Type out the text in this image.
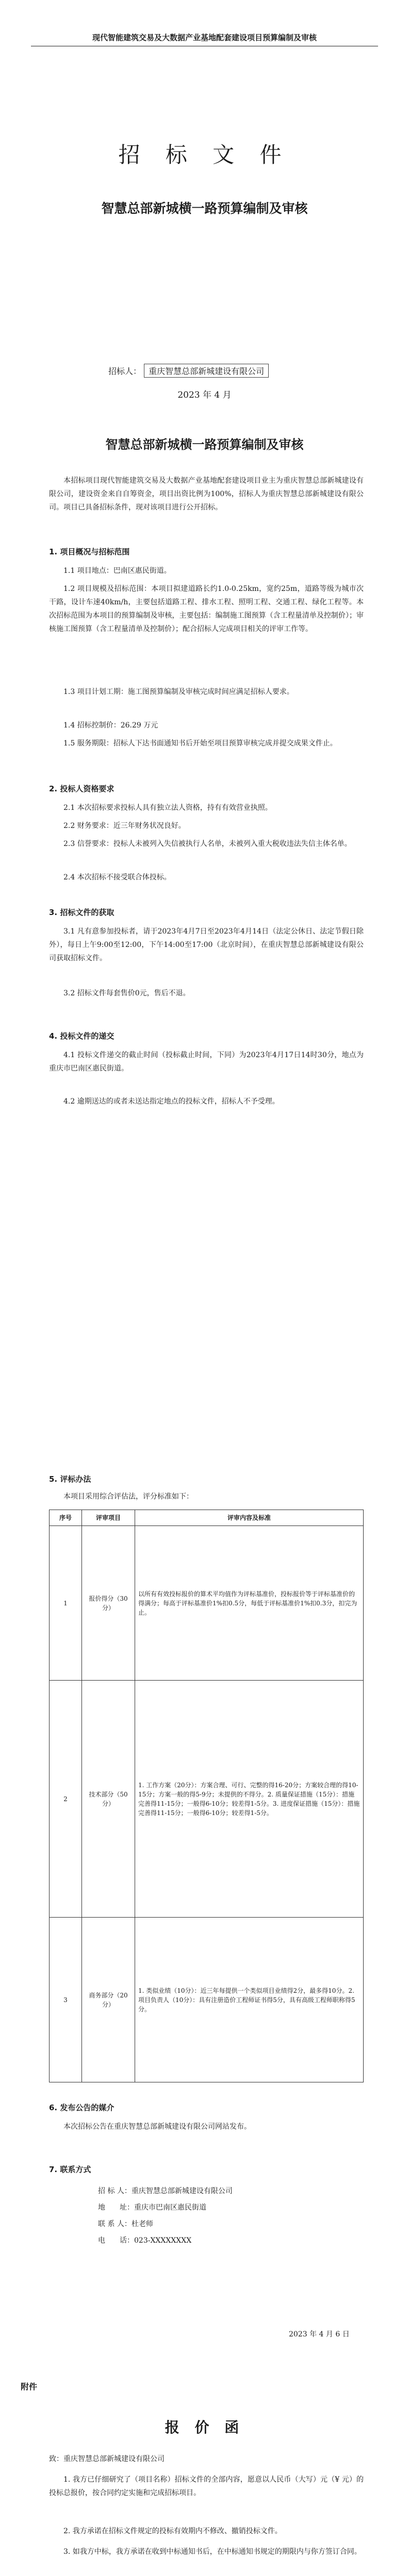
现代智能建筑交易及大数据产业基地配套建设项目预算编制及审核
招 标 文 件
智慧总部新城横一路预算编制及审核
招标人： 重庆智慧总部新城建设有限公司
2023 年 4 月
智慧总部新城横一路预算编制及审核
本招标项目现代智能建筑交易及大数据产业基地配套建设项目业主为重庆智慧总部新城建设有限公司，建设资金来自自筹资金，项目出资比例为100%，招标人为重庆智慧总部新城建设有限公司。项目已具备招标条件，现对该项目进行公开招标。
1. 项目概况与招标范围
1.1 项目地点：巴南区惠民街道。
1.2 项目规模及招标范围：本项目拟建道路长约1.0-0.25km，宽约25m，道路等级为城市次干路，设计车速40km/h，主要包括道路工程、排水工程、照明工程、交通工程、绿化工程等。本次招标范围为本项目的预算编制及审核，主要包括：编制施工图预算（含工程量清单及控制价）；审核施工图预算（含工程量清单及控制价）；配合招标人完成项目相关的评审工作等。
1.3 项目计划工期：施工图预算编制及审核完成时间应满足招标人要求。
1.4 招标控制价：26.29 万元
1.5 服务期限：招标人下达书面通知书后开始至项目预算审核完成并提交成果文件止。
2. 投标人资格要求
2.1 本次招标要求投标人具有独立法人资格，持有有效营业执照。
2.2 财务要求：近三年财务状况良好。
2.3 信誉要求：投标人未被列入失信被执行人名单，未被列入重大税收违法失信主体名单。
2.4 本次招标不接受联合体投标。
3. 招标文件的获取
3.1 凡有意参加投标者，请于2023年4月7日至2023年4月14日（法定公休日、法定节假日除外），每日上午9:00至12:00，下午14:00至17:00（北京时间），在重庆智慧总部新城建设有限公司获取招标文件。
3.2 招标文件每套售价0元，售后不退。
4. 投标文件的递交
4.1 投标文件递交的截止时间（投标截止时间，下同）为2023年4月17日14时30分，地点为重庆市巴南区惠民街道。
4.2 逾期送达的或者未送达指定地点的投标文件，招标人不予受理。
5. 评标办法
本项目采用综合评估法，评分标准如下：
序号	评审项目	评审内容及标准
1	报价得分（30分）	以所有有效投标报价的算术平均值作为评标基准价，投标报价等于评标基准价的得满分；每高于评标基准价1%扣0.5分，每低于评标基准价1%扣0.3分，扣完为止。
2	技术部分（50分）	1. 工作方案（20分）：方案合理、可行、完整的得16-20分；方案较合理的得10-15分；方案一般的得5-9分；未提供的不得分。2. 质量保证措施（15分）：措施完善得11-15分；一般得6-10分；较差得1-5分。3. 进度保证措施（15分）：措施完善得11-15分；一般得6-10分；较差得1-5分。
3	商务部分（20分）	1. 类似业绩（10分）：近三年每提供一个类似项目业绩得2分，最多得10分。2. 项目负责人（10分）：具有注册造价工程师证书得5分，具有高级工程师职称得5分。
6. 发布公告的媒介
本次招标公告在重庆智慧总部新城建设有限公司网站发布。
7. 联系方式
招 标 人：重庆智慧总部新城建设有限公司
地　　址：重庆市巴南区惠民街道
联 系 人：杜老师
电　　话：023-XXXXXXXX
2023 年 4 月 6 日
附件
报 价 函
致：重庆智慧总部新城建设有限公司
1. 我方已仔细研究了（项目名称）招标文件的全部内容，愿意以人民币（大写）元（¥ 元）的投标总报价，按合同约定实施和完成招标项目。
2. 我方承诺在招标文件规定的投标有效期内不修改、撤销投标文件。
3. 如我方中标，我方承诺在收到中标通知书后，在中标通知书规定的期限内与你方签订合同。
